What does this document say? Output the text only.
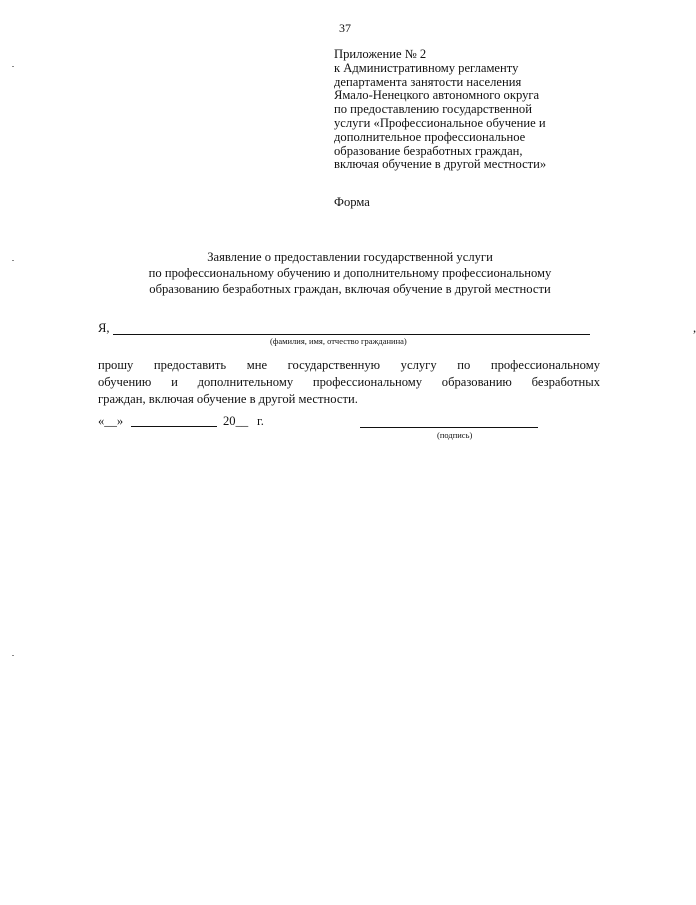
37
Приложение № 2
к Административному регламенту
департамента занятости населения
Ямало-Ненецкого автономного округа
по предоставлению государственной
услуги «Профессиональное обучение и
дополнительное профессиональное
образование безработных граждан,
включая обучение в другой местности»
Форма
Заявление о предоставлении государственной услуги
по профессиональному обучению и дополнительному профессиональному
образованию безработных граждан, включая обучение в другой местности
Я,	,
(фамилия, имя, отчество гражданина)
прошу предоставить мне государственную услугу по профессиональному
обучению и дополнительному профессиональному образованию безработных
граждан, включая обучение в другой местности.
«__»	20__ г.
(подпись)
